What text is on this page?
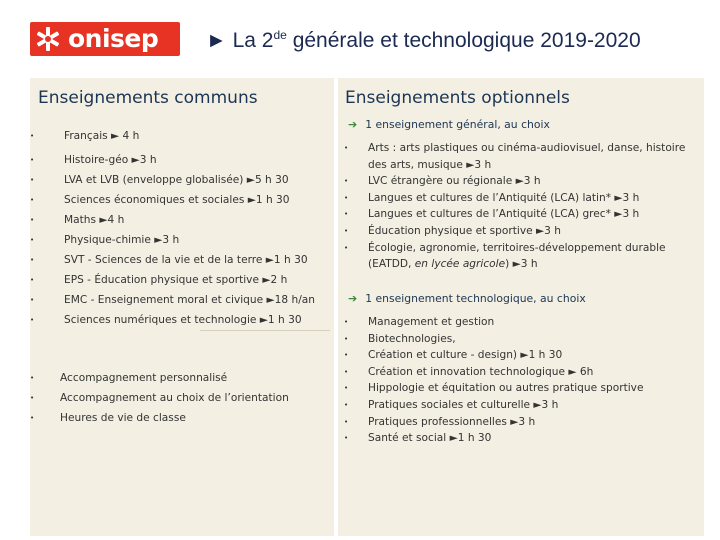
onisep ► La 2de générale et technologique 2019-2020
Enseignements communs
•	Français ► 4 h
•	Histoire-géo ►3 h
•	LVA et LVB (enveloppe globalisée) ►5 h 30
•	Sciences économiques et sociales ►1 h 30
•	Maths ►4 h
•	Physique-chimie ►3 h
•	SVT - Sciences de la vie et de la terre ►1 h 30
•	EPS - Éducation physique et sportive ►2 h
•	EMC - Enseignement moral et civique ►18 h/an
•	Sciences numériques et technologie ►1 h 30
• Accompagnement personnalisé
• Accompagnement au choix de l’orientation
• Heures de vie de classe
Enseignements optionnels
➔ 1 enseignement général, au choix
• Arts : arts plastiques ou cinéma-audiovisuel, danse, histoire des arts, musique ►3 h
• LVC étrangère ou régionale ►3 h
• Langues et cultures de l’Antiquité (LCA) latin* ►3 h
• Langues et cultures de l’Antiquité (LCA) grec* ►3 h
• Éducation physique et sportive ►3 h
• Écologie, agronomie, territoires-développement durable (EATDD, en lycée agricole) ►3 h
➔ 1 enseignement technologique, au choix
• Management et gestion
• Biotechnologies,
• Création et culture - design) ►1 h 30
• Création et innovation technologique ► 6h
• Hippologie et équitation ou autres pratique sportive
• Pratiques sociales et culturelle ►3 h
• Pratiques professionnelles ►3 h
• Santé et social ►1 h 30
